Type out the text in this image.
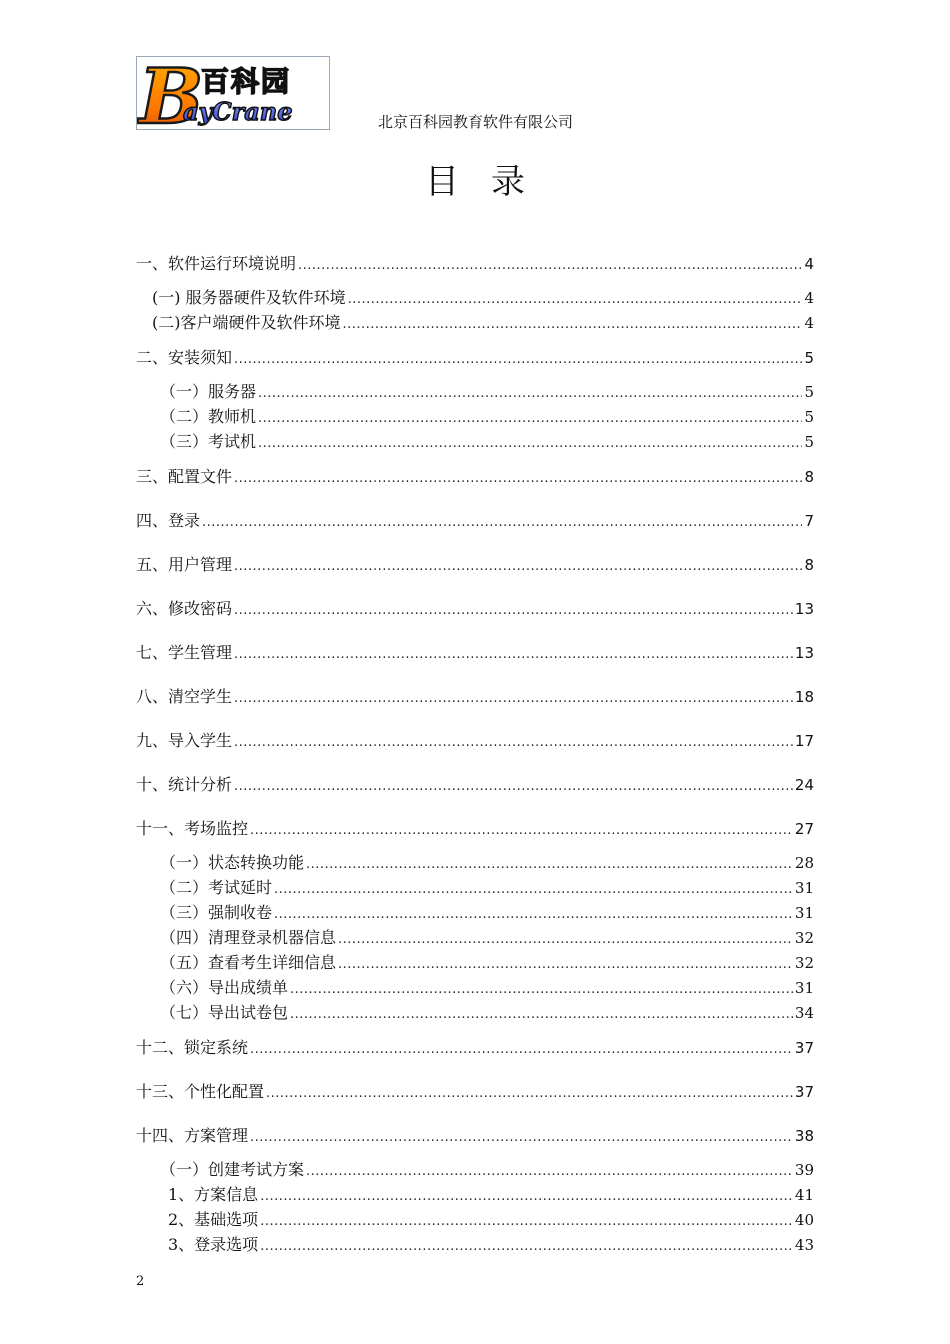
B
百科园
ayCrane	北京百科园教育软件有限公司
目录
一、软件运行环境说明 .....	4
(一) 服务器硬件及软件环境 .....	4
(二)客户端硬件及软件环境 .....	4
二、安装须知 .....	5
（一）服务器 .....	5
（二）教师机 .....	5
（三）考试机 .....	5
三、配置文件 .....	8
四、登录 .....	7
五、用户管理 .....	8
六、修改密码 .....	13
七、学生管理 .....	13
八、清空学生 .....	18
九、导入学生 .....	17
十、统计分析 .....	24
十一、考场监控 .....	27
（一）状态转换功能 .....	28
（二）考试延时 .....	31
（三）强制收卷 .....	31
（四）清理登录机器信息 .....	32
（五）查看考生详细信息 .....	32
（六）导出成绩单 .....	31
（七）导出试卷包 .....	34
十二、锁定系统 .....	37
十三、个性化配置 .....	37
十四、方案管理 .....	38
（一）创建考试方案 .....	39
1、方案信息 .....	41
2、基础选项 .....	40
3、登录选项 .....	43
2
